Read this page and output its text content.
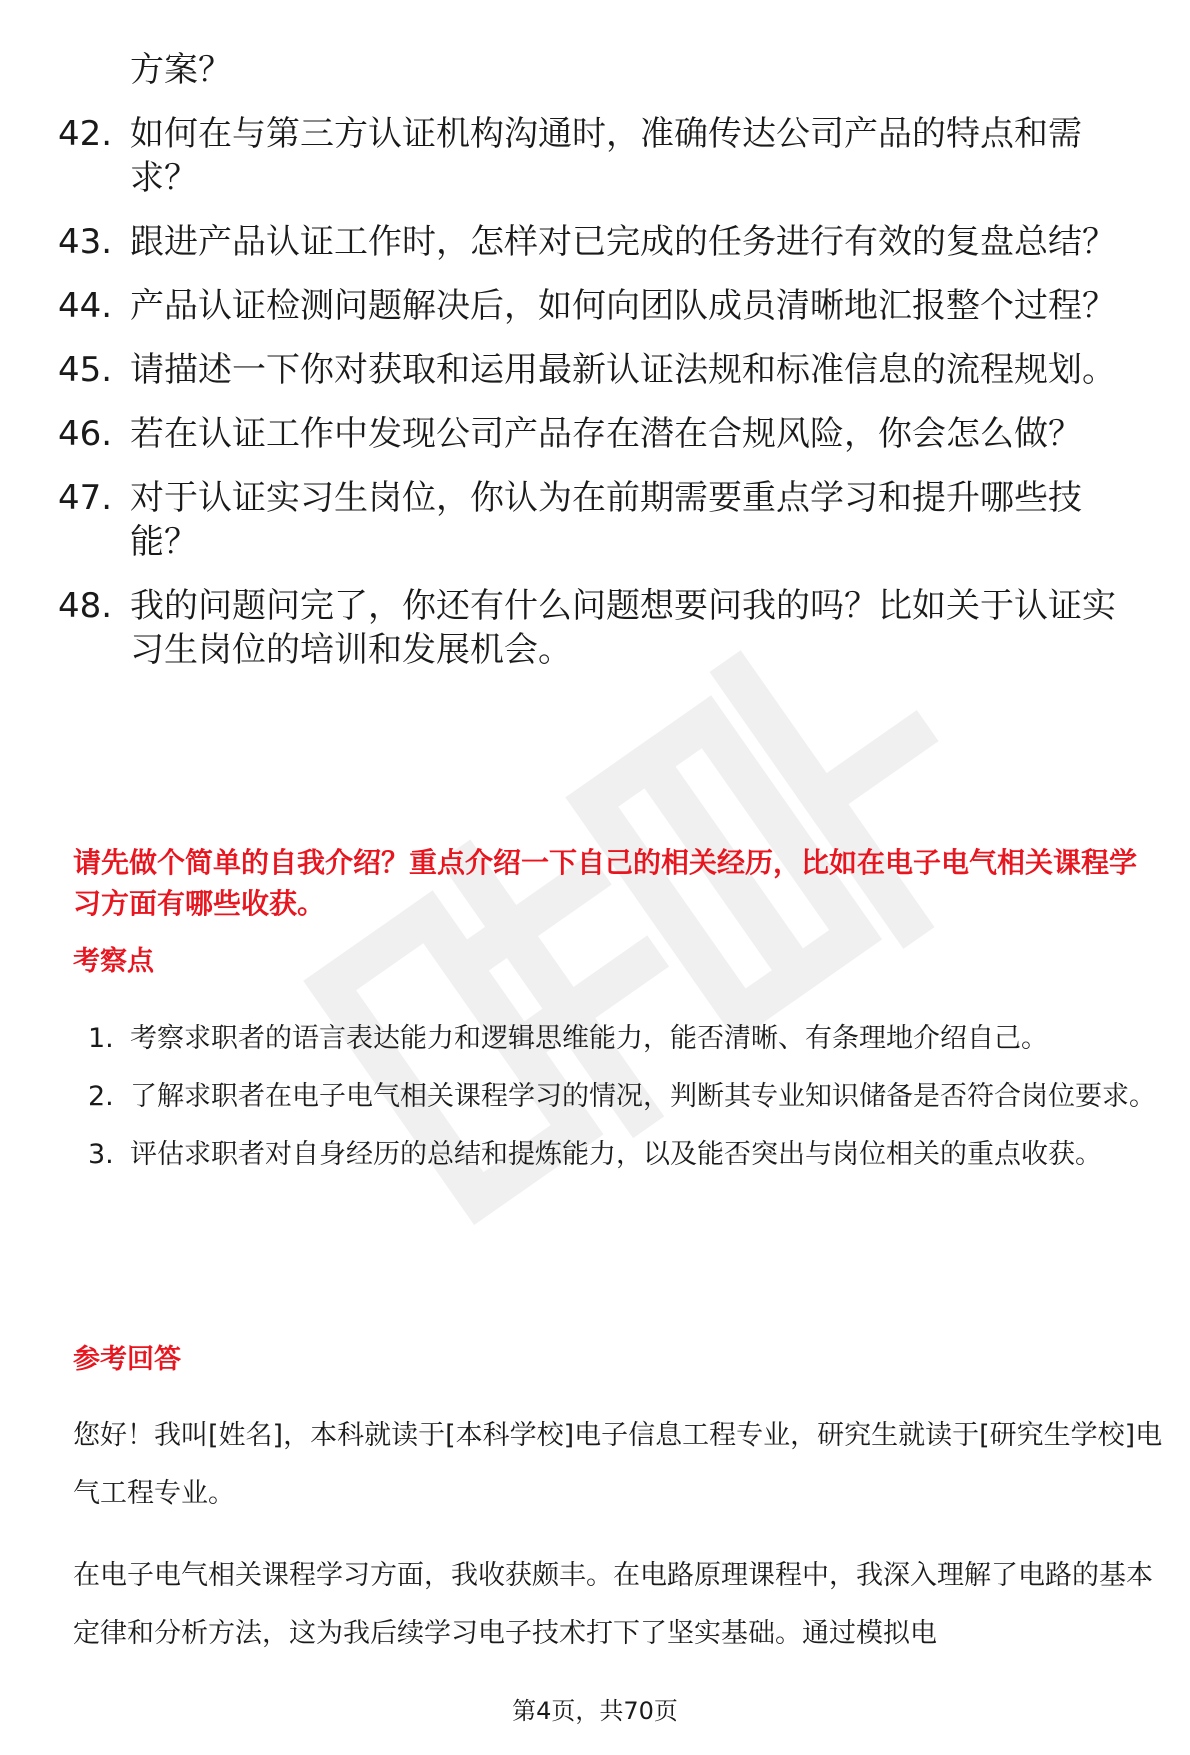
方案？
42. 如何在与第三方认证机构沟通时，准确传达公司产品的特点和需求？
43. 跟进产品认证工作时，怎样对已完成的任务进行有效的复盘总结？
44. 产品认证检测问题解决后，如何向团队成员清晰地汇报整个过程？
45. 请描述一下你对获取和运用最新认证法规和标准信息的流程规划。
46. 若在认证工作中发现公司产品存在潜在合规风险，你会怎么做？
47. 对于认证实习生岗位，你认为在前期需要重点学习和提升哪些技能？
48. 我的问题问完了，你还有什么问题想要问我的吗？比如关于认证实习生岗位的培训和发展机会。
请先做个简单的自我介绍？重点介绍一下自己的相关经历，比如在电子电气相关课程学习方面有哪些收获。
考察点
1. 考察求职者的语言表达能力和逻辑思维能力，能否清晰、有条理地介绍自己。
2. 了解求职者在电子电气相关课程学习的情况，判断其专业知识储备是否符合岗位要求。
3. 评估求职者对自身经历的总结和提炼能力，以及能否突出与岗位相关的重点收获。
参考回答

您好！我叫[姓名]，本科就读于[本科学校]电子信息工程专业，研究生就读于[研究生学校]电气工程专业。

在电子电气相关课程学习方面，我收获颇丰。在电路原理课程中，我深入理解了电路的基本定律和分析方法，这为我后续学习电子技术打下了坚实基础。通过模拟电

第4页，共70页
